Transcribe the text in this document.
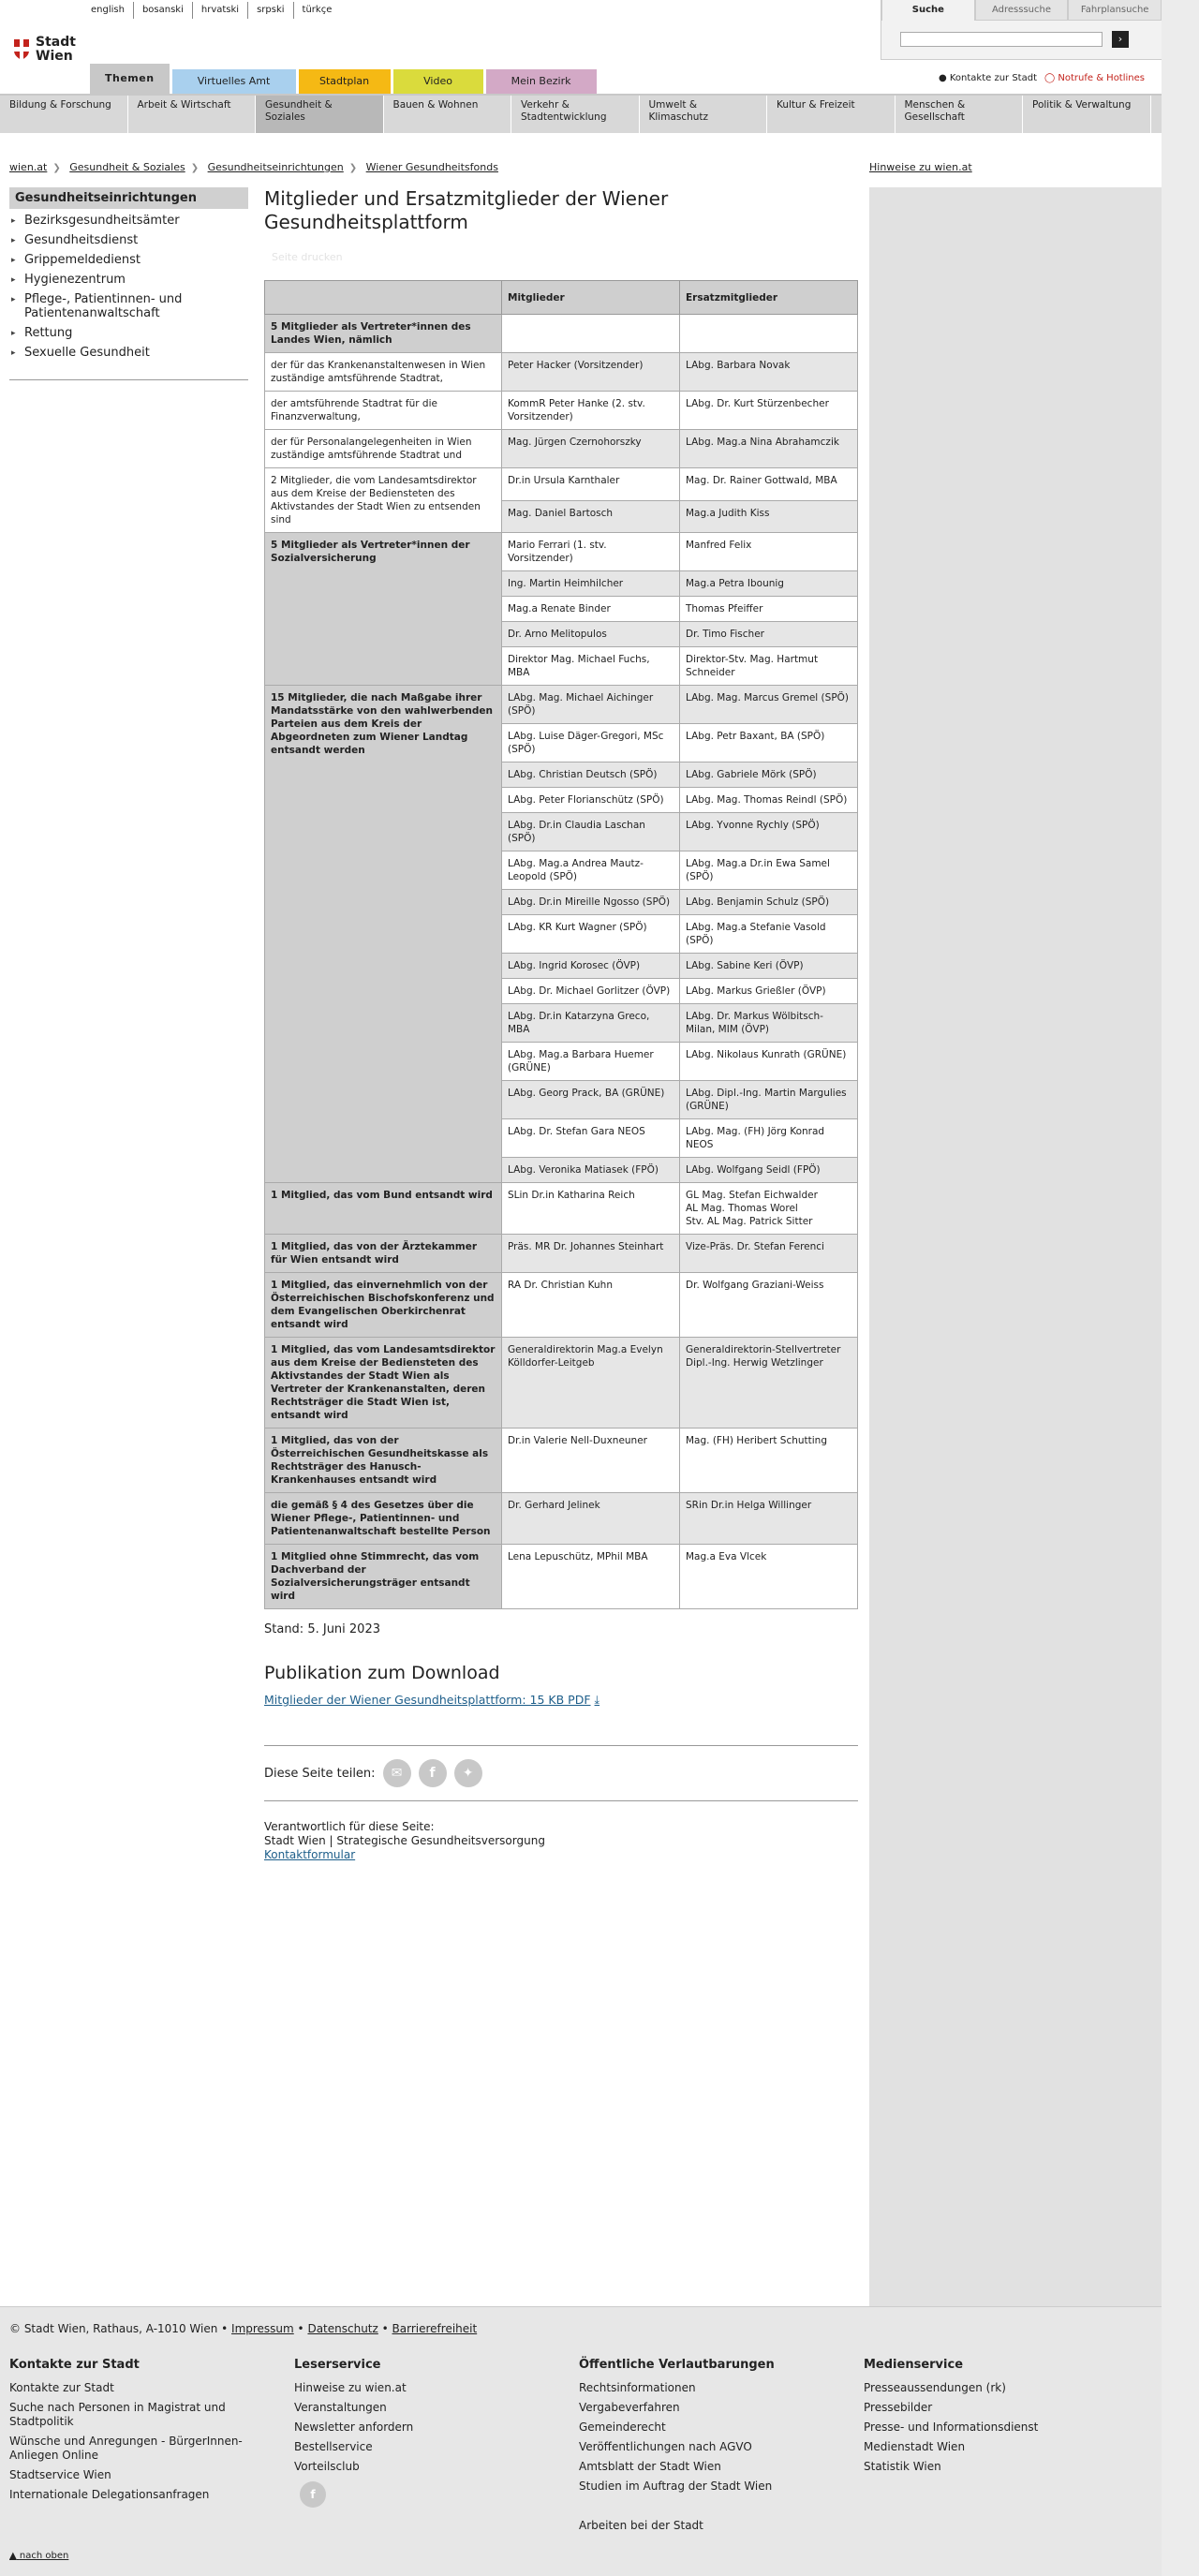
english	bosanski	hrvatski	srpski	türkçe
Stadt
Wien
Suche	Adresssuche	Fahrplansuche
›
Themen	Virtuelles Amt	Stadtplan	Video	Mein Bezirk	● Kontakte zur Stadt ◯ Notrufe & Hotlines
Bildung & Forschung	Arbeit & Wirtschaft	Gesundheit & Soziales
Bauen & Wohnen	Verkehr & Stadtentwicklung
Umwelt & Klimaschutz
Kultur & Freizeit	Menschen & Gesellschaft
Politik & Verwaltung
wien.at ❯ Gesundheit & Soziales ❯ Gesundheitseinrichtungen ❯ Wiener Gesundheitsfonds	Hinweise zu wien.at
Gesundheitseinrichtungen
▸ Bezirksgesundheitsämter
▸ Gesundheitsdienst
▸ Grippemeldedienst
▸ Hygienezentrum
▸ Pflege-, Patientinnen- und Patientenanwaltschaft
▸ Rettung
▸ Sexuelle Gesundheit
Mitglieder und Ersatzmitglieder der Wiener Gesundheitsplattform
Seite drucken
	Mitglieder	Ersatzmitglieder
5 Mitglieder als Vertreter*innen des Landes Wien, nämlich		
der für das Krankenanstaltenwesen in Wien zuständige amtsführende Stadtrat,	Peter Hacker (Vorsitzender)	LAbg. Barbara Novak
der amtsführende Stadtrat für die Finanzverwaltung,	KommR Peter Hanke (2. stv. Vorsitzender)	LAbg. Dr. Kurt Stürzenbecher
der für Personalangelegenheiten in Wien zuständige amtsführende Stadtrat und	Mag. Jürgen Czernohorszky	LAbg. Mag.a Nina Abrahamczik
2 Mitglieder, die vom Landesamtsdirektor aus dem Kreise der Bediensteten des Aktivstandes der Stadt Wien zu entsenden sind	Dr.in Ursula Karnthaler	Mag. Dr. Rainer Gottwald, MBA
	Mag. Daniel Bartosch	Mag.a Judith Kiss
5 Mitglieder als Vertreter*innen der Sozialversicherung	Mario Ferrari (1. stv. Vorsitzender)	Manfred Felix
	Ing. Martin Heimhilcher	Mag.a Petra Ibounig
	Mag.a Renate Binder	Thomas Pfeiffer
	Dr. Arno Melitopulos	Dr. Timo Fischer
	Direktor Mag. Michael Fuchs, MBA	Direktor-Stv. Mag. Hartmut Schneider
15 Mitglieder, die nach Maßgabe ihrer Mandatsstärke von den wahlwerbenden Parteien aus dem Kreis der Abgeordneten zum Wiener Landtag entsandt werden	LAbg. Mag. Michael Aichinger (SPÖ)	LAbg. Mag. Marcus Gremel (SPÖ)
	LAbg. Luise Däger-Gregori, MSc (SPÖ)	LAbg. Petr Baxant, BA (SPÖ)
	LAbg. Christian Deutsch (SPÖ)	LAbg. Gabriele Mörk (SPÖ)
	LAbg. Peter Florianschütz (SPÖ)	LAbg. Mag. Thomas Reindl (SPÖ)
	LAbg. Dr.in Claudia Laschan (SPÖ)	LAbg. Yvonne Rychly (SPÖ)
	LAbg. Mag.a Andrea Mautz-Leopold (SPÖ)	LAbg. Mag.a Dr.in Ewa Samel (SPÖ)
	LAbg. Dr.in Mireille Ngosso (SPÖ)	LAbg. Benjamin Schulz (SPÖ)
	LAbg. KR Kurt Wagner (SPÖ)	LAbg. Mag.a Stefanie Vasold (SPÖ)
	LAbg. Ingrid Korosec (ÖVP)	LAbg. Sabine Keri (ÖVP)
	LAbg. Dr. Michael Gorlitzer (ÖVP)	LAbg. Markus Grießler (ÖVP)
	LAbg. Dr.in Katarzyna Greco, MBA	LAbg. Dr. Markus Wölbitsch-Milan, MIM (ÖVP)
	LAbg. Mag.a Barbara Huemer (GRÜNE)	LAbg. Nikolaus Kunrath (GRÜNE)
	LAbg. Georg Prack, BA (GRÜNE)	LAbg. Dipl.-Ing. Martin Margulies (GRÜNE)
	LAbg. Dr. Stefan Gara NEOS	LAbg. Mag. (FH) Jörg Konrad NEOS
	LAbg. Veronika Matiasek (FPÖ)	LAbg. Wolfgang Seidl (FPÖ)
1 Mitglied, das vom Bund entsandt wird	SLin Dr.in Katharina Reich	GL Mag. Stefan Eichwalder
AL Mag. Thomas Worel
Stv. AL Mag. Patrick Sitter
1 Mitglied, das von der Ärztekammer für Wien entsandt wird	Präs. MR Dr. Johannes Steinhart	Vize-Präs. Dr. Stefan Ferenci
1 Mitglied, das einvernehmlich von der Österreichischen Bischofskonferenz und dem Evangelischen Oberkirchenrat entsandt wird	RA Dr. Christian Kuhn	Dr. Wolfgang Graziani-Weiss
1 Mitglied, das vom Landesamtsdirektor aus dem Kreise der Bediensteten des Aktivstandes der Stadt Wien als Vertreter der Krankenanstalten, deren Rechtsträger die Stadt Wien ist, entsandt wird	Generaldirektorin Mag.a Evelyn Kölldorfer-Leitgeb	Generaldirektorin-Stellvertreter Dipl.-Ing. Herwig Wetzlinger
1 Mitglied, das von der Österreichischen Gesundheitskasse als Rechtsträger des Hanusch-Krankenhauses entsandt wird	Dr.in Valerie Nell-Duxneuner	Mag. (FH) Heribert Schutting
die gemäß § 4 des Gesetzes über die Wiener Pflege-, Patientinnen- und Patientenanwaltschaft bestellte Person	Dr. Gerhard Jelinek	SRin Dr.in Helga Willinger
1 Mitglied ohne Stimmrecht, das vom Dachverband der Sozialversicherungsträger entsandt wird	Lena Lepuschütz, MPhil MBA	Mag.a Eva Vlcek
Stand: 5. Juni 2023
Publikation zum Download
Mitglieder der Wiener Gesundheitsplattform: 15 KB PDF ⤓
Diese Seite teilen:	✉	f	✦
Verantwortlich für diese Seite:
Stadt Wien | Strategische Gesundheitsversorgung
Kontaktformular
© Stadt Wien, Rathaus, A-1010 Wien • Impressum • Datenschutz • Barrierefreiheit
Kontakte zur Stadt
Kontakte zur Stadt
Suche nach Personen in Magistrat und Stadtpolitik
Wünsche und Anregungen - BürgerInnen-Anliegen Online
Stadtservice Wien
Internationale Delegationsanfragen
Leserservice
Hinweise zu wien.at
Veranstaltungen
Newsletter anfordern
Bestellservice
Vorteilsclub
f
Öffentliche Verlautbarungen
Rechtsinformationen
Vergabeverfahren
Gemeinderecht
Veröffentlichungen nach AGVO
Amtsblatt der Stadt Wien
Studien im Auftrag der Stadt Wien
Arbeiten bei der Stadt
Medienservice
Presseaussendungen (rk)
Pressebilder
Presse- und Informationsdienst
Medienstadt Wien
Statistik Wien
▲ nach oben
